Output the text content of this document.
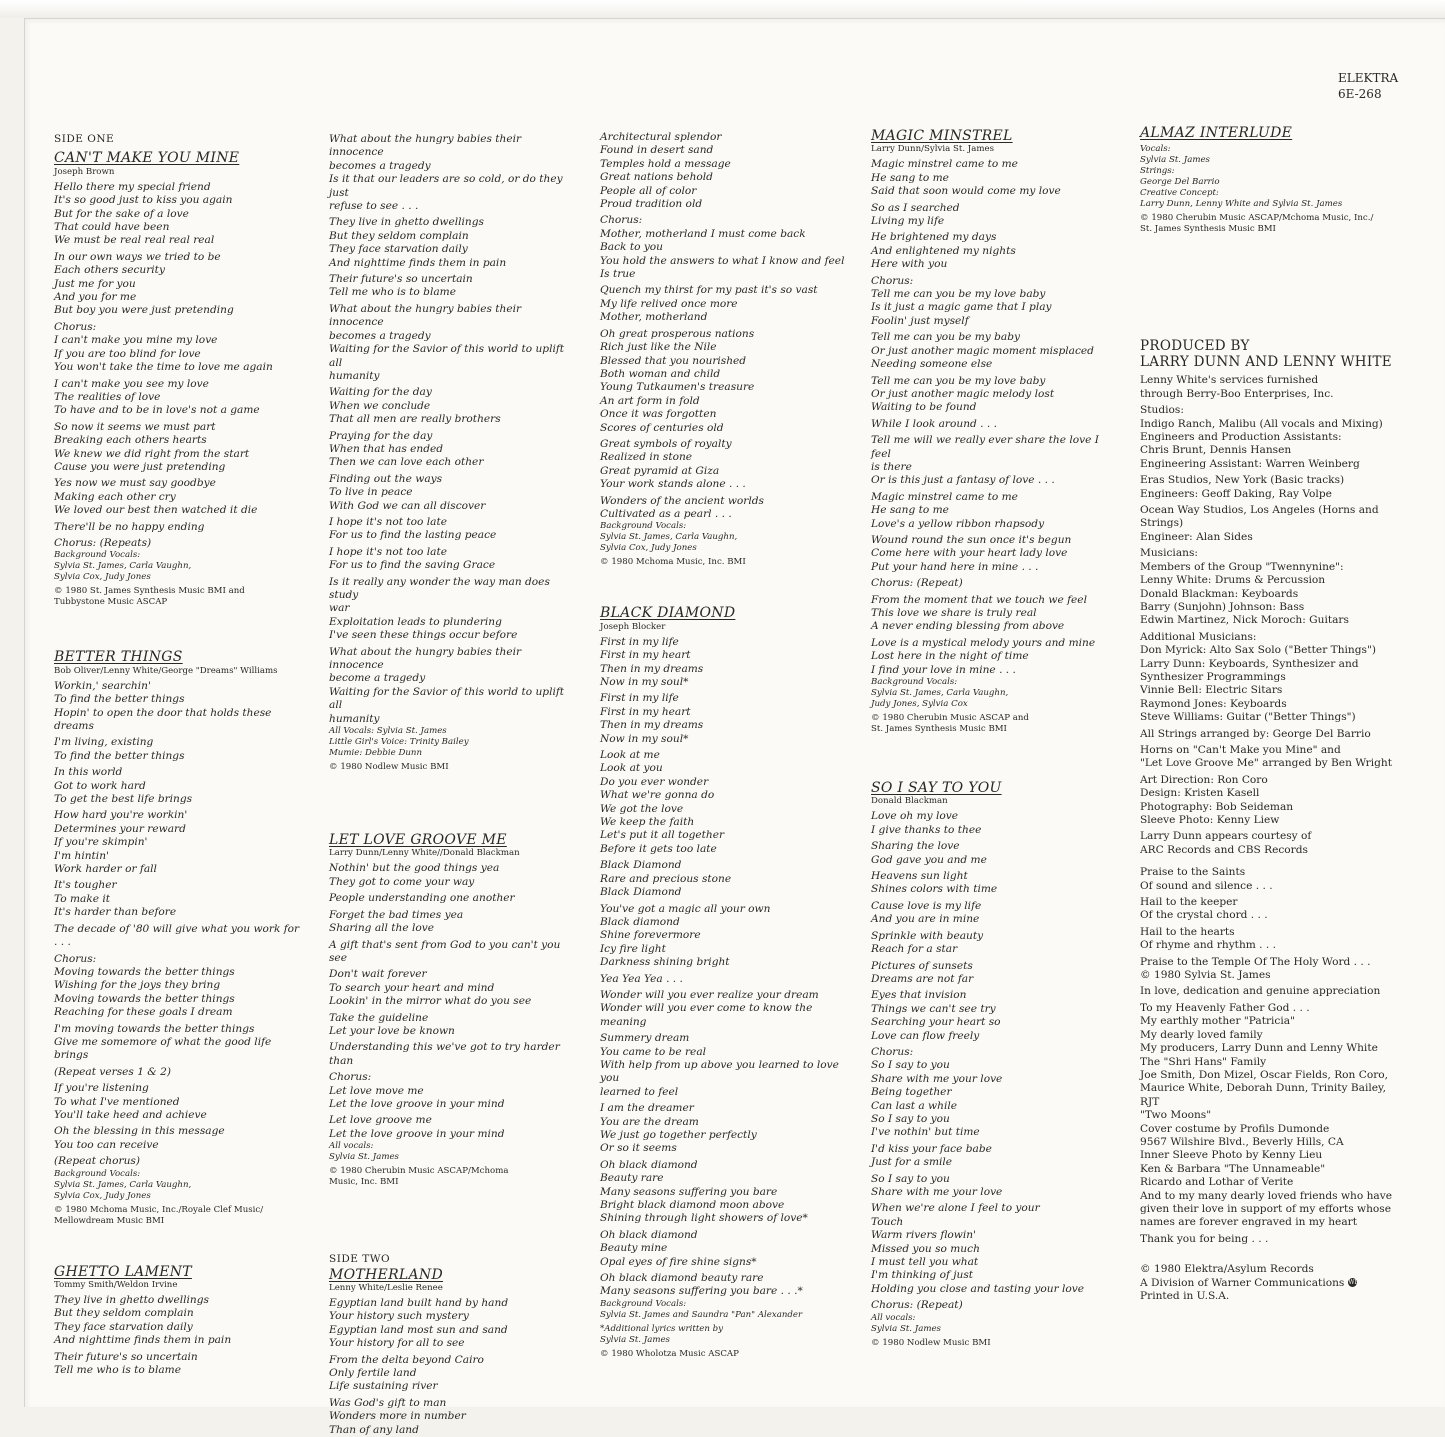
ELEKTRA
6E-268
SIDE ONE
CAN'T MAKE YOU MINE
Joseph Brown
Hello there my special friend
It's so good just to kiss you again
But for the sake of a love
That could have been
We must be real real real real
In our own ways we tried to be
Each others security
Just me for you
And you for me
But boy you were just pretending
Chorus:
I can't make you mine my love
If you are too blind for love
You won't take the time to love me again
I can't make you see my love
The realities of love
To have and to be in love's not a game
So now it seems we must part
Breaking each others hearts
We knew we did right from the start
Cause you were just pretending
Yes now we must say goodbye
Making each other cry
We loved our best then watched it die
There'll be no happy ending
Chorus: (Repeats)
Background Vocals:
Sylvia St. James, Carla Vaughn,
Sylvia Cox, Judy Jones
© 1980 St. James Synthesis Music BMI and
Tubbystone Music ASCAP
BETTER THINGS
Bob Oliver/Lenny White/George "Dreams" Williams
Workin,' searchin'
To find the better things
Hopin' to open the door that holds these dreams
I'm living, existing
To find the better things
In this world
Got to work hard
To get the best life brings
How hard you're workin'
Determines your reward
If you're skimpin'
I'm hintin'
Work harder or fall
It's tougher
To make it
It's harder than before
The decade of '80 will give what you work for . . .
Chorus:
Moving towards the better things
Wishing for the joys they bring
Moving towards the better things
Reaching for these goals I dream
I'm moving towards the better things
Give me somemore of what the good life brings
(Repeat verses 1 & 2)
If you're listening
To what I've mentioned
You'll take heed and achieve
Oh the blessing in this message
You too can receive
(Repeat chorus)
Background Vocals:
Sylvia St. James, Carla Vaughn,
Sylvia Cox, Judy Jones
© 1980 Mchoma Music, Inc./Royale Clef Music/
Mellowdream Music BMI
GHETTO LAMENT
Tommy Smith/Weldon Irvine
They live in ghetto dwellings
But they seldom complain
They face starvation daily
And nighttime finds them in pain
Their future's so uncertain
Tell me who is to blame
What about the hungry babies their innocence
becomes a tragedy
Is it that our leaders are so cold, or do they just
refuse to see . . .
They live in ghetto dwellings
But they seldom complain
They face starvation daily
And nighttime finds them in pain
Their future's so uncertain
Tell me who is to blame
What about the hungry babies their innocence
becomes a tragedy
Waiting for the Savior of this world to uplift all
humanity
Waiting for the day
When we conclude
That all men are really brothers
Praying for the day
When that has ended
Then we can love each other
Finding out the ways
To live in peace
With God we can all discover
I hope it's not too late
For us to find the lasting peace
I hope it's not too late
For us to find the saving Grace
Is it really any wonder the way man does study
war
Exploitation leads to plundering
I've seen these things occur before
What about the hungry babies their innocence
become a tragedy
Waiting for the Savior of this world to uplift all
humanity
All Vocals: Sylvia St. James
Little Girl's Voice: Trinity Bailey
Mumie: Debbie Dunn
© 1980 Nodlew Music BMI
LET LOVE GROOVE ME
Larry Dunn/Lenny White//Donald Blackman
Nothin' but the good things yea
They got to come your way
People understanding one another
Forget the bad times yea
Sharing all the love
A gift that's sent from God to you can't you see
Don't wait forever
To search your heart and mind
Lookin' in the mirror what do you see
Take the guideline
Let your love be known
Understanding this we've got to try harder than
Chorus:
Let love move me
Let the love groove in your mind
Let love groove me
Let the love groove in your mind
All vocals:
Sylvia St. James
© 1980 Cherubin Music ASCAP/Mchoma
Music, Inc. BMI
SIDE TWO
MOTHERLAND
Lenny White/Leslie Renee
Egyptian land built hand by hand
Your history such mystery
Egyptian land most sun and sand
Your history for all to see
From the delta beyond Cairo
Only fertile land
Life sustaining river
Was God's gift to man
Wonders more in number
Than of any land
Architectural splendor
Found in desert sand
Temples hold a message
Great nations behold
People all of color
Proud tradition old
Chorus:
Mother, motherland I must come back
Back to you
You hold the answers to what I know and feel
Is true
Quench my thirst for my past it's so vast
My life relived once more
Mother, motherland
Oh great prosperous nations
Rich just like the Nile
Blessed that you nourished
Both woman and child
Young Tutkaumen's treasure
An art form in fold
Once it was forgotten
Scores of centuries old
Great symbols of royalty
Realized in stone
Great pyramid at Giza
Your work stands alone . . .
Wonders of the ancient worlds
Cultivated as a pearl . . .
Background Vocals:
Sylvia St. James, Carla Vaughn,
Sylvia Cox, Judy Jones
© 1980 Mchoma Music, Inc. BMI
BLACK DIAMOND
Joseph Blocker
First in my life
First in my heart
Then in my dreams
Now in my soul*
First in my life
First in my heart
Then in my dreams
Now in my soul*
Look at me
Look at you
Do you ever wonder
What we're gonna do
We got the love
We keep the faith
Let's put it all together
Before it gets too late
Black Diamond
Rare and precious stone
Black Diamond
You've got a magic all your own
Black diamond
Shine forevermore
Icy fire light
Darkness shining bright
Yea Yea Yea . . .
Wonder will you ever realize your dream
Wonder will you ever come to know the meaning
Summery dream
You came to be real
With help from up above you learned to love you
learned to feel
I am the dreamer
You are the dream
We just go together perfectly
Or so it seems
Oh black diamond
Beauty rare
Many seasons suffering you bare
Bright black diamond moon above
Shining through light showers of love*
Oh black diamond
Beauty mine
Opal eyes of fire shine signs*
Oh black diamond beauty rare
Many seasons suffering you bare . . .*
Background Vocals:
Sylvia St. James and Saundra "Pan" Alexander
*Additional lyrics written by
Sylvia St. James
© 1980 Wholotza Music ASCAP
MAGIC MINSTREL
Larry Dunn/Sylvia St. James
Magic minstrel came to me
He sang to me
Said that soon would come my love
So as I searched
Living my life
He brightened my days
And enlightened my nights
Here with you
Chorus:
Tell me can you be my love baby
Is it just a magic game that I play
Foolin' just myself
Tell me can you be my baby
Or just another magic moment misplaced
Needing someone else
Tell me can you be my love baby
Or just another magic melody lost
Waiting to be found
While I look around . . .
Tell me will we really ever share the love I feel
is there
Or is this just a fantasy of love . . .
Magic minstrel came to me
He sang to me
Love's a yellow ribbon rhapsody
Wound round the sun once it's begun
Come here with your heart lady love
Put your hand here in mine . . .
Chorus: (Repeat)
From the moment that we touch we feel
This love we share is truly real
A never ending blessing from above
Love is a mystical melody yours and mine
Lost here in the night of time
I find your love in mine . . .
Background Vocals:
Sylvia St. James, Carla Vaughn,
Judy Jones, Sylvia Cox
© 1980 Cherubin Music ASCAP and
St. James Synthesis Music BMI
SO I SAY TO YOU
Donald Blackman
Love oh my love
I give thanks to thee
Sharing the love
God gave you and me
Heavens sun light
Shines colors with time
Cause love is my life
And you are in mine
Sprinkle with beauty
Reach for a star
Pictures of sunsets
Dreams are not far
Eyes that invision
Things we can't see try
Searching your heart so
Love can flow freely
Chorus:
So I say to you
Share with me your love
Being together
Can last a while
So I say to you
I've nothin' but time
I'd kiss your face babe
Just for a smile
So I say to you
Share with me your love
When we're alone I feel to your
Touch
Warm rivers flowin'
Missed you so much
I must tell you what
I'm thinking of just
Holding you close and tasting your love
Chorus: (Repeat)
All vocals:
Sylvia St. James
© 1980 Nodlew Music BMI
ALMAZ INTERLUDE
Vocals:
Sylvia St. James
Strings:
George Del Barrio
Creative Concept:
Larry Dunn, Lenny White and Sylvia St. James
© 1980 Cherubin Music ASCAP/Mchoma Music, Inc./
St. James Synthesis Music BMI
PRODUCED BY
LARRY DUNN AND LENNY WHITE
Lenny White's services furnished
through Berry-Boo Enterprises, Inc.
Studios:
Indigo Ranch, Malibu (All vocals and Mixing)
Engineers and Production Assistants:
Chris Brunt, Dennis Hansen
Engineering Assistant: Warren Weinberg
Eras Studios, New York (Basic tracks)
Engineers: Geoff Daking, Ray Volpe
Ocean Way Studios, Los Angeles (Horns and
Strings)
Engineer: Alan Sides
Musicians:
Members of the Group "Twennynine":
Lenny White: Drums & Percussion
Donald Blackman: Keyboards
Barry (Sunjohn) Johnson: Bass
Edwin Martinez, Nick Moroch: Guitars
Additional Musicians:
Don Myrick: Alto Sax Solo ("Better Things")
Larry Dunn: Keyboards, Synthesizer and
Synthesizer Programmings
Vinnie Bell: Electric Sitars
Raymond Jones: Keyboards
Steve Williams: Guitar ("Better Things")
All Strings arranged by: George Del Barrio
Horns on "Can't Make you Mine" and
"Let Love Groove Me" arranged by Ben Wright
Art Direction: Ron Coro
Design: Kristen Kasell
Photography: Bob Seideman
Sleeve Photo: Kenny Liew
Larry Dunn appears courtesy of
ARC Records and CBS Records
Praise to the Saints
Of sound and silence . . .
Hail to the keeper
Of the crystal chord . . .
Hail to the hearts
Of rhyme and rhythm . . .
Praise to the Temple Of The Holy Word . . .
© 1980 Sylvia St. James
In love, dedication and genuine appreciation
To my Heavenly Father God . . .
My earthly mother "Patricia"
My dearly loved family
My producers, Larry Dunn and Lenny White
The "Shri Hans" Family
Joe Smith, Don Mizel, Oscar Fields, Ron Coro,
Maurice White, Deborah Dunn, Trinity Bailey,
RJT
"Two Moons"
Cover costume by Profils Dumonde
9567 Wilshire Blvd., Beverly Hills, CA
Inner Sleeve Photo by Kenny Lieu
Ken & Barbara "The Unnameable"
Ricardo and Lothar of Verite
And to my many dearly loved friends who have
given their love in support of my efforts whose
names are forever engraved in my heart
Thank you for being . . .
© 1980 Elektra/Asylum Records
A Division of Warner Communications WB
Printed in U.S.A.
